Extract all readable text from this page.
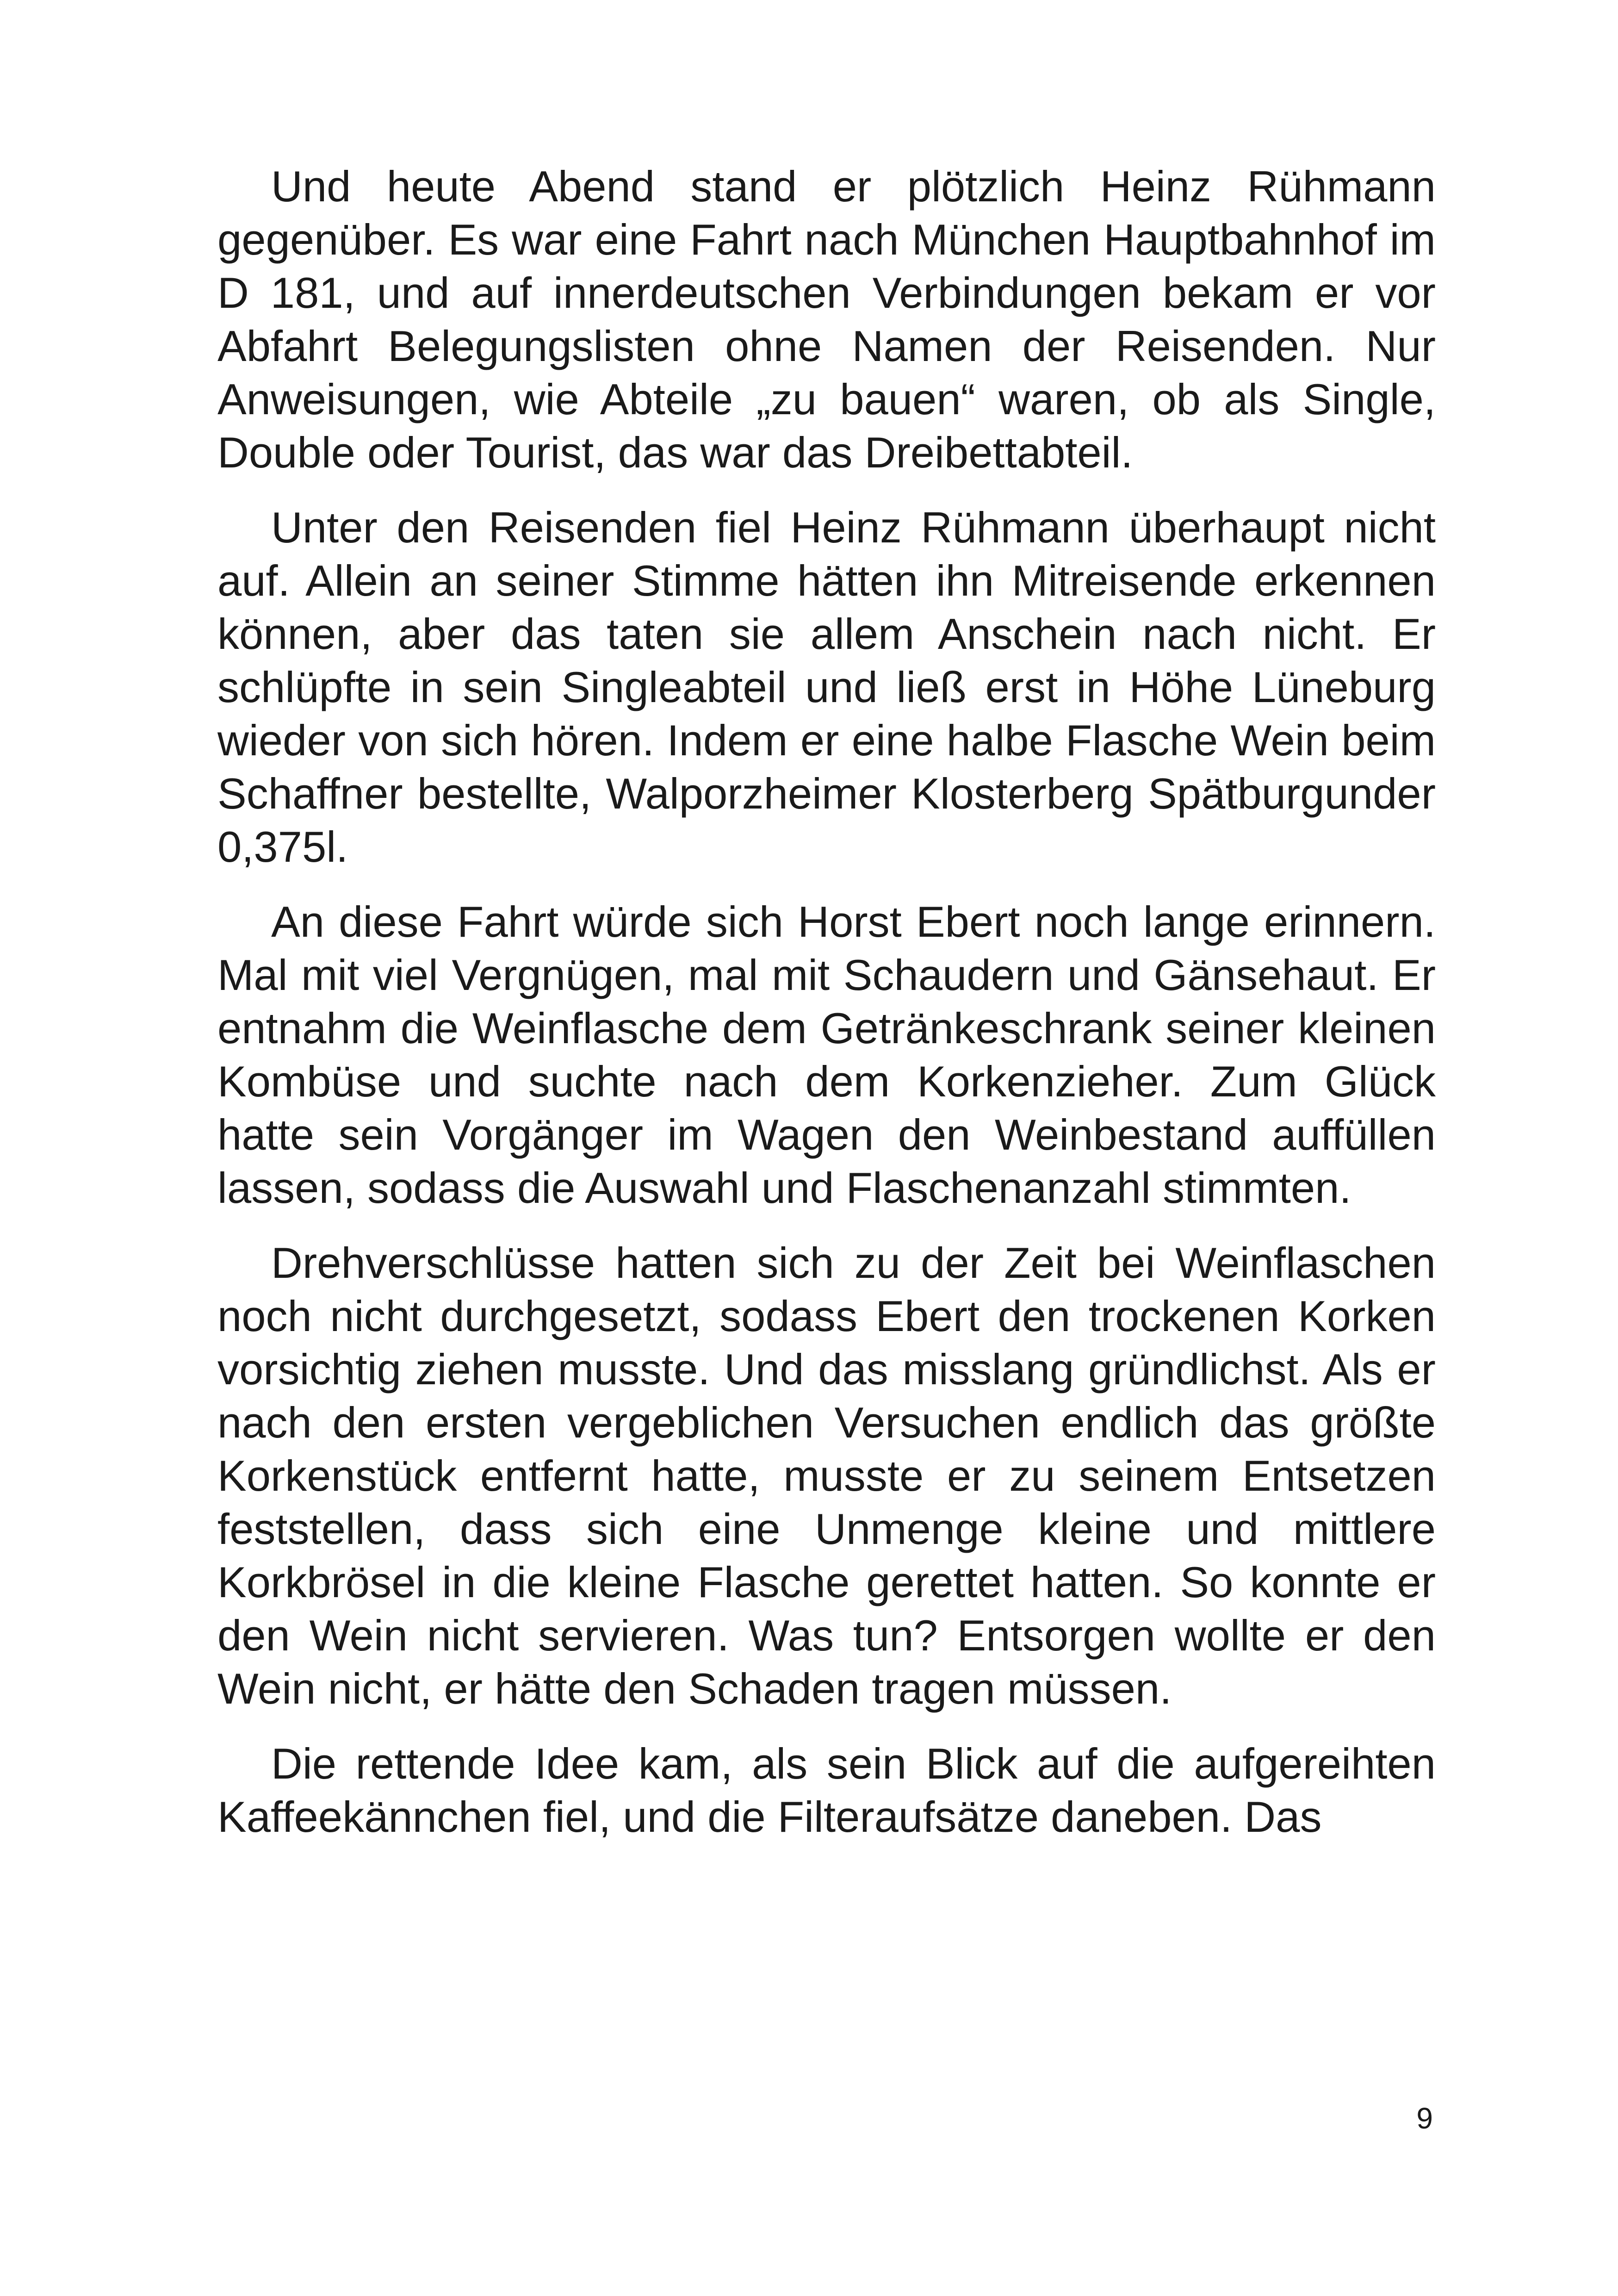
Und heute Abend stand er plötzlich Heinz Rühmann gegenüber. Es war eine Fahrt nach München Hauptbahnhof im D 181, und auf innerdeutschen Verbindungen bekam er vor Abfahrt Belegungslisten ohne Namen der Reisenden. Nur Anweisungen, wie Abteile „zu bauen“ waren, ob als Single, Double oder Tourist, das war das Dreibettabteil.

Unter den Reisenden fiel Heinz Rühmann überhaupt nicht auf. Allein an seiner Stimme hätten ihn Mitreisende erkennen können, aber das taten sie allem Anschein nach nicht. Er schlüpfte in sein Singleabteil und ließ erst in Höhe Lüneburg wieder von sich hören. Indem er eine halbe Flasche Wein beim Schaffner bestellte, Walporzheimer Klosterberg Spätburgunder 0,375l.

An diese Fahrt würde sich Horst Ebert noch lange erinnern. Mal mit viel Vergnügen, mal mit Schaudern und Gänsehaut. Er entnahm die Weinflasche dem Getränkeschrank seiner kleinen Kombüse und suchte nach dem Korkenzieher. Zum Glück hatte sein Vorgänger im Wagen den Weinbestand auffüllen lassen, sodass die Auswahl und Flaschenanzahl stimmten.

Drehverschlüsse hatten sich zu der Zeit bei Weinflaschen noch nicht durchgesetzt, sodass Ebert den trockenen Korken vorsichtig ziehen musste. Und das misslang gründlichst. Als er nach den ersten vergeblichen Versuchen endlich das größte Korkenstück entfernt hatte, musste er zu seinem Entsetzen feststellen, dass sich eine Unmenge kleine und mittlere Korkbrösel in die kleine Flasche gerettet hatten. So konnte er den Wein nicht servieren. Was tun? Entsorgen wollte er den Wein nicht, er hätte den Schaden tragen müssen.

Die rettende Idee kam, als sein Blick auf die aufgereihten Kaffeekännchen fiel, und die Filteraufsätze daneben. Das

9
